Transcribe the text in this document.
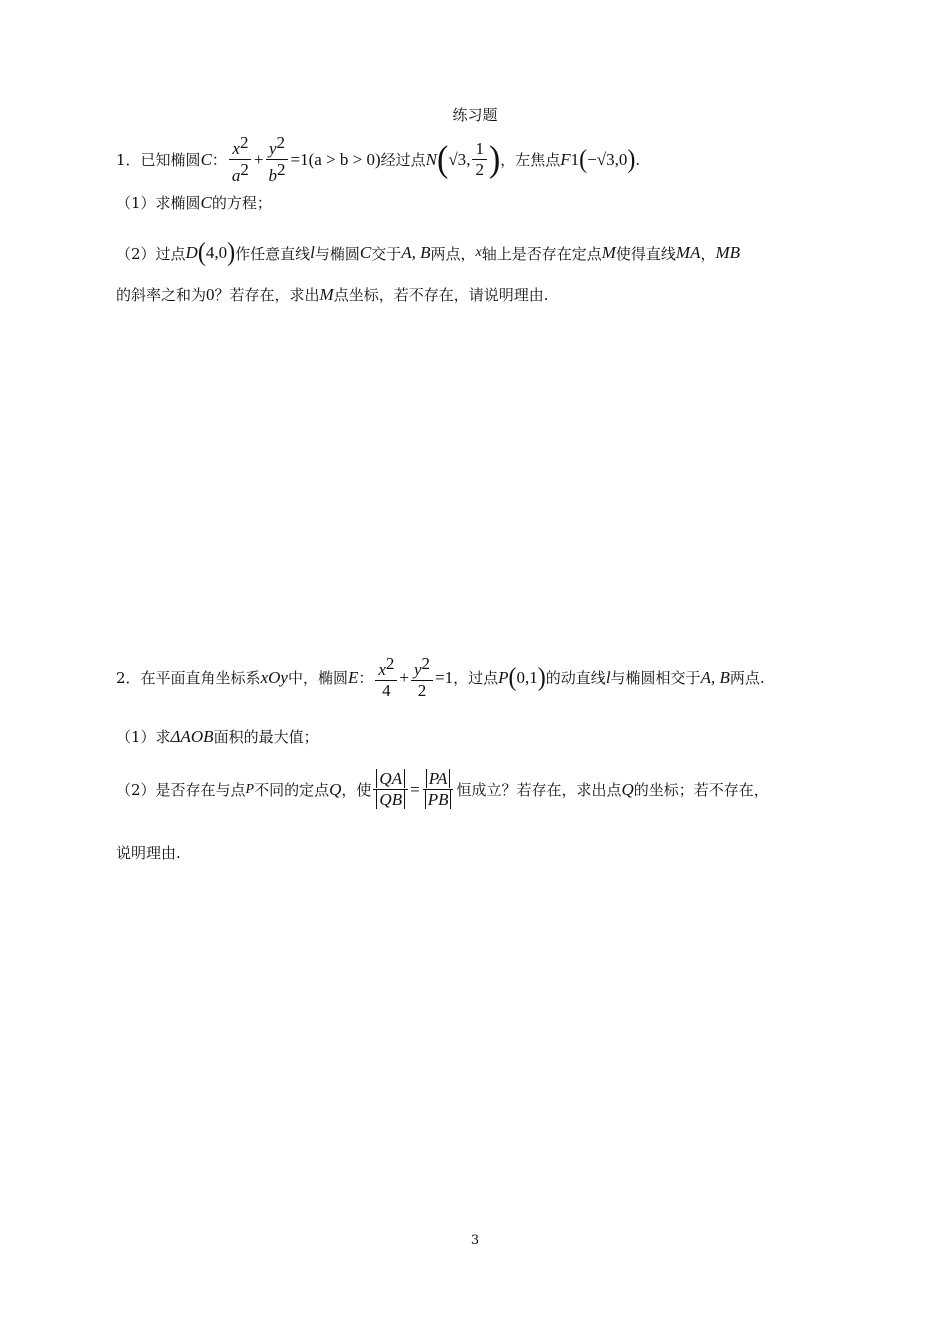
练习题
1． 已知椭圆 C ： $\frac{x^2}{a^2} + \frac{y^2}{b^2} =1(a > b > 0)$ 经过点 N ( √3 , $\frac{1}{2}$ ) ，左焦点 F 1 ( −√3,0 ) .
（1）求椭圆 C 的方程；
（2）过点 D ( 4,0 ) 作任意直线 l 与椭圆 C 交于 A, B 两点， x 轴上是否存在定点 M 使得直线 MA ， MB
的斜率之和为 0 ？若存在，求出 M 点坐标，若不存在，请说明理由.
2． 在平面直角坐标系 xOy 中，椭圆 E ： $\frac{x^2}{4} + \frac{y^2}{2} =1$ ，过点 P ( 0,1 ) 的动直线 l 与椭圆相交于 A, B 两点.
（1）求 ΔAOB 面积的最大值；
（2）是否存在与点 P 不同的定点 Q ，使 $\frac{QA}{QB} = \frac{PA}{PB}$ 恒成立？若存在，求出点 Q 的坐标；若不存在，
说明理由.
3
